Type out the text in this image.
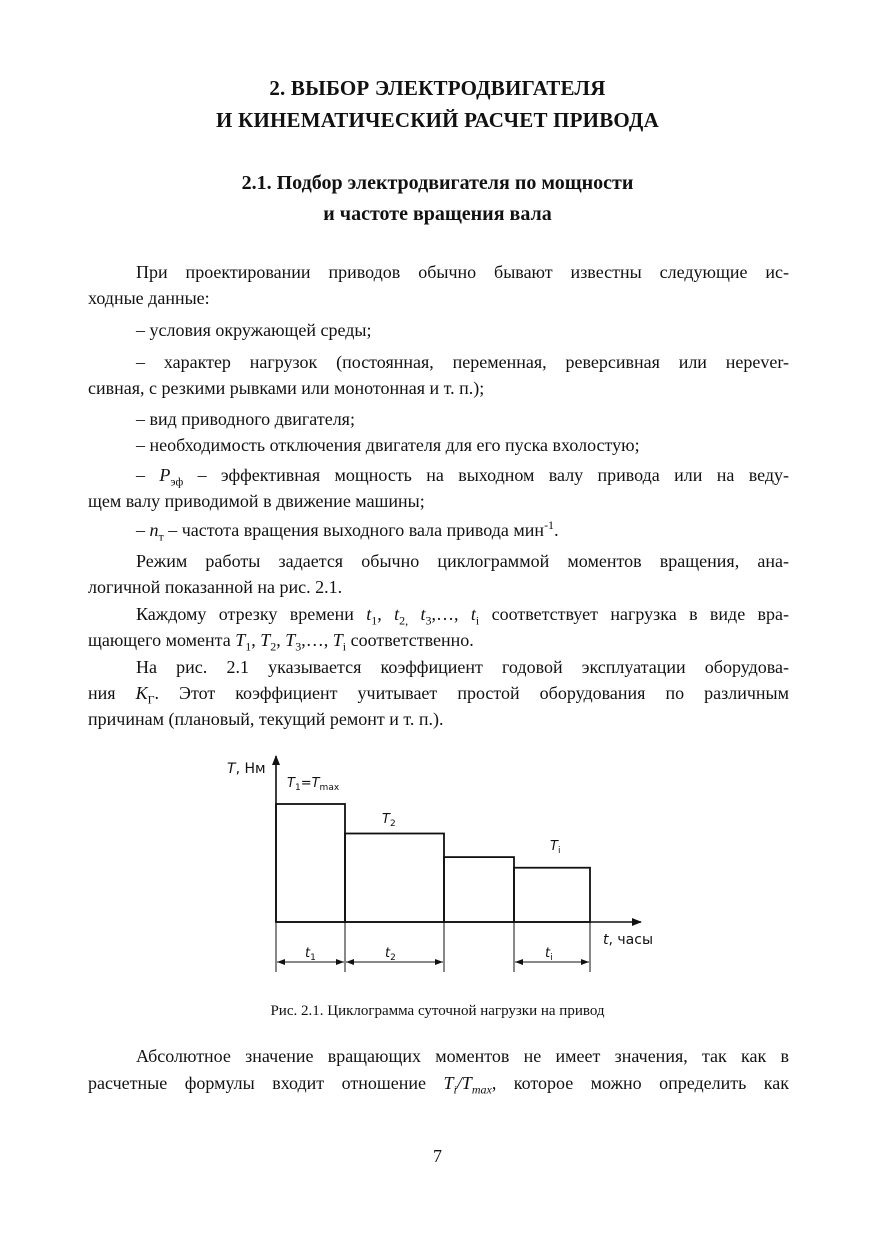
2. ВЫБОР ЭЛЕКТРОДВИГАТЕЛЯ
И КИНЕМАТИЧЕСКИЙ РАСЧЕТ ПРИВОДА
2.1. Подбор электродвигателя по мощности
и частоте вращения вала
При проектировании приводов обычно бывают известны следующие ис-
ходные данные:
– условия окружающей среды;
– характер нагрузок (постоянная, переменная, реверсивная или нерever-
сивная, с резкими рывками или монотонная и т. п.);
– вид приводного двигателя;
– необходимость отключения двигателя для его пуска вхолостую;
– $P_{эф}$ – эффективная мощность на выходном валу привода или на веду-
щем валу приводимой в движение машины;
– $n_т$ – частота вращения выходного вала привода мин$^{-1}$.
Режим работы задается обычно циклограммой моментов вращения, ана-
логичной показанной на рис. 2.1.
Каждому отрезку времени $t_1$, $t_{2,}$ $t_3,\dots$, $t_i$ соответствует нагрузка в виде вра-
щающего момента $T_1$, $T_2$, $T_3,\dots$, $T_i$ соответственно.
На рис. 2.1 указывается коэффициент годовой эксплуатации оборудова-
ния $K_Г$. Этот коэффициент учитывает простой оборудования по различным
причинам (плановый, текущий ремонт и т. п.).
T, Нм
t, часы
$T_1=T_{max}$
$T_2$
$T_i$
$t_1$	$t_2$	$t_i$
Рис. 2.1. Циклограмма суточной нагрузки на привод
Абсолютное значение вращающих моментов не имеет значения, так как в
расчетные формулы входит отношение $T_i/T_{max}$, которое можно определить как
7
